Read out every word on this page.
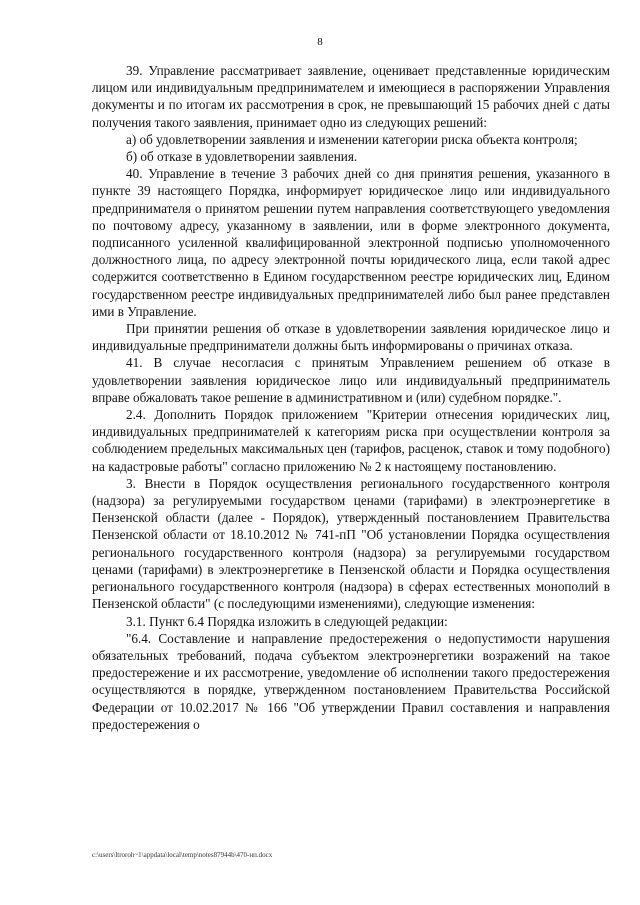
8

39. Управление рассматривает заявление, оценивает представленные юридическим лицом или индивидуальным предпринимателем и имеющиеся в распоряжении Управления документы и по итогам их рассмотрения в срок, не превышающий 15 рабочих дней с даты получения такого заявления, принимает одно из следующих решений:

а) об удовлетворении заявления и изменении категории риска объекта контроля;

б) об отказе в удовлетворении заявления.

40. Управление в течение 3 рабочих дней со дня принятия решения, указанного в пункте 39 настоящего Порядка, информирует юридическое лицо или индивидуального предпринимателя о принятом решении путем направления соответствующего уведомления по почтовому адресу, указанному в заявлении, или в форме электронного документа, подписанного усиленной квалифицированной электронной подписью уполномоченного должностного лица, по адресу электронной почты юридического лица, если такой адрес содержится соответственно в Едином государственном реестре юридических лиц, Едином государственном реестре индивидуальных предпринимателей либо был ранее представлен ими в Управление.

При принятии решения об отказе в удовлетворении заявления юридическое лицо и индивидуальные предприниматели должны быть информированы о причинах отказа.

41. В случае несогласия с принятым Управлением решением об отказе в удовлетворении заявления юридическое лицо или индивидуальный предприниматель вправе обжаловать такое решение в административном и (или) судебном порядке.".

2.4. Дополнить Порядок приложением "Критерии отнесения юридических лиц, индивидуальных предпринимателей к категориям риска при осуществлении контроля за соблюдением предельных максимальных цен (тарифов, расценок, ставок и тому подобного) на кадастровые работы" согласно приложению № 2 к настоящему постановлению.

3. Внести в Порядок осуществления регионального государственного контроля (надзора) за регулируемыми государством ценами (тарифами) в электроэнергетике в Пензенской области (далее - Порядок), утвержденный постановлением Правительства Пензенской области от 18.10.2012 № 741-пП "Об установлении Порядка осуществления регионального государственного контроля (надзора) за регулируемыми государством ценами (тарифами) в электроэнергетике в Пензенской области и Порядка осуществления регионального государственного контроля (надзора) в сферах естественных монополий в Пензенской области" (с последующими изменениями), следующие изменения:

3.1. Пункт 6.4 Порядка изложить в следующей редакции:

"6.4. Составление и направление предостережения о недопустимости нарушения обязательных требований, подача субъектом электроэнергетики возражений на такое предостережение и их рассмотрение, уведомление об исполнении такого предостережения осуществляются в порядке, утвержденном постановлением Правительства Российской Федерации от 10.02.2017 № 166 "Об утверждении Правил составления и направления предостережения о

c:\users\ltroroh~1\appdata\local\temp\notes87944b\470-нп.docx
